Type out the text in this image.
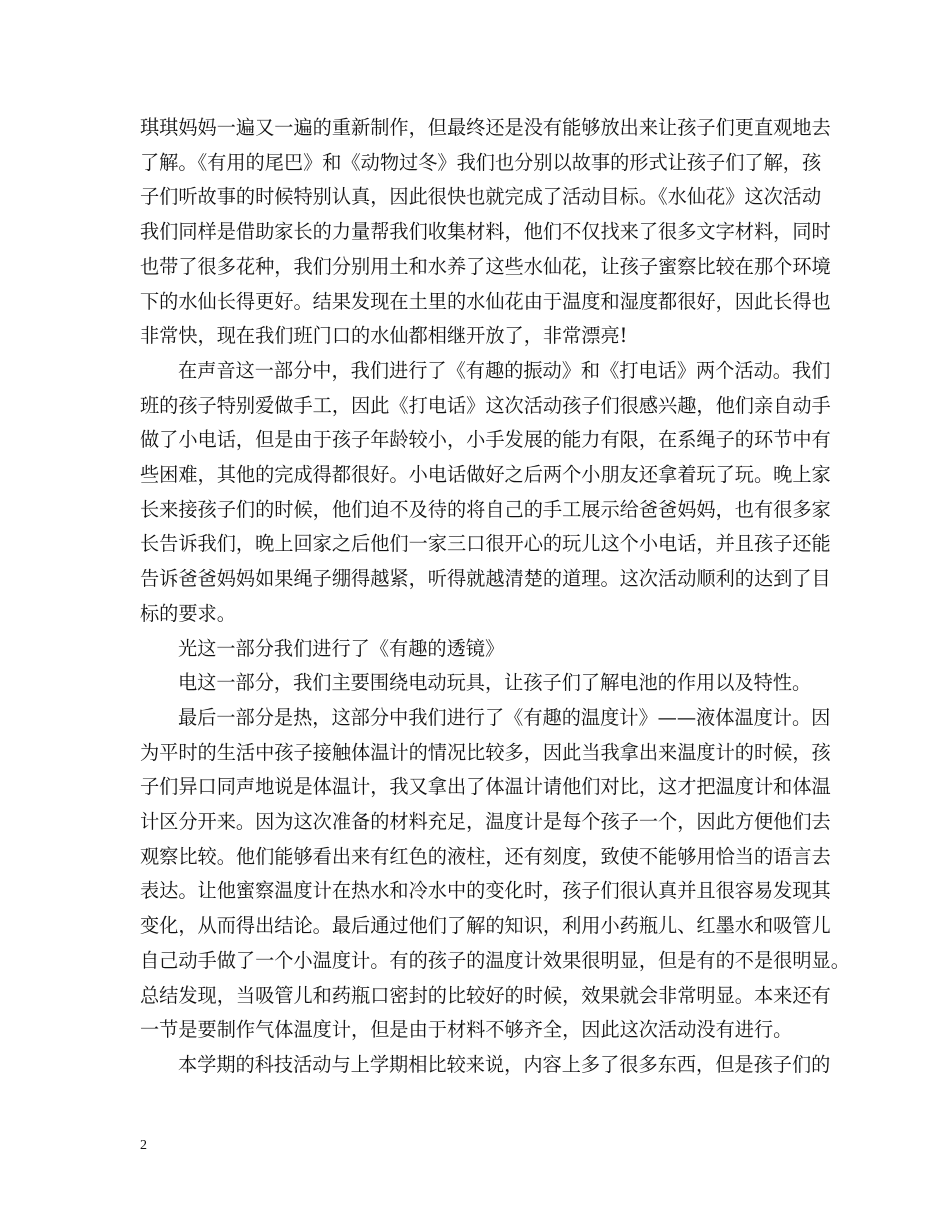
琪琪妈妈一遍又一遍的重新制作，但最终还是没有能够放出来让孩子们更直观地去
了解。《有用的尾巴》和《动物过冬》我们也分别以故事的形式让孩子们了解，孩
子们听故事的时候特别认真，因此很快也就完成了活动目标。《水仙花》这次活动
我们同样是借助家长的力量帮我们收集材料，他们不仅找来了很多文字材料，同时
也带了很多花种，我们分别用土和水养了这些水仙花，让孩子蜜察比较在那个环境
下的水仙长得更好。结果发现在土里的水仙花由于温度和湿度都很好，因此长得也
非常快，现在我们班门口的水仙都相继开放了，非常漂亮!

在声音这一部分中，我们进行了《有趣的振动》和《打电话》两个活动。我们
班的孩子特别爱做手工，因此《打电话》这次活动孩子们很感兴趣，他们亲自动手
做了小电话，但是由于孩子年龄较小，小手发展的能力有限，在系绳子的环节中有
些困难，其他的完成得都很好。小电话做好之后两个小朋友还拿着玩了玩。晚上家
长来接孩子们的时候，他们迫不及待的将自己的手工展示给爸爸妈妈，也有很多家
长告诉我们，晚上回家之后他们一家三口很开心的玩儿这个小电话，并且孩子还能
告诉爸爸妈妈如果绳子绷得越紧，听得就越清楚的道理。这次活动顺利的达到了目
标的要求。

光这一部分我们进行了《有趣的透镜》

电这一部分，我们主要围绕电动玩具，让孩子们了解电池的作用以及特性。

最后一部分是热，这部分中我们进行了《有趣的温度计》——液体温度计。因
为平时的生活中孩子接触体温计的情况比较多，因此当我拿出来温度计的时候，孩
子们异口同声地说是体温计，我又拿出了体温计请他们对比，这才把温度计和体温
计区分开来。因为这次准备的材料充足，温度计是每个孩子一个，因此方便他们去
观察比较。他们能够看出来有红色的液柱，还有刻度，致使不能够用恰当的语言去
表达。让他蜜察温度计在热水和冷水中的变化时，孩子们很认真并且很容易发现其
变化，从而得出结论。最后通过他们了解的知识，利用小药瓶儿、红墨水和吸管儿
自己动手做了一个小温度计。有的孩子的温度计效果很明显，但是有的不是很明显。
总结发现，当吸管儿和药瓶口密封的比较好的时候，效果就会非常明显。本来还有
一节是要制作气体温度计，但是由于材料不够齐全，因此这次活动没有进行。

本学期的科技活动与上学期相比较来说，内容上多了很多东西，但是孩子们的

2
